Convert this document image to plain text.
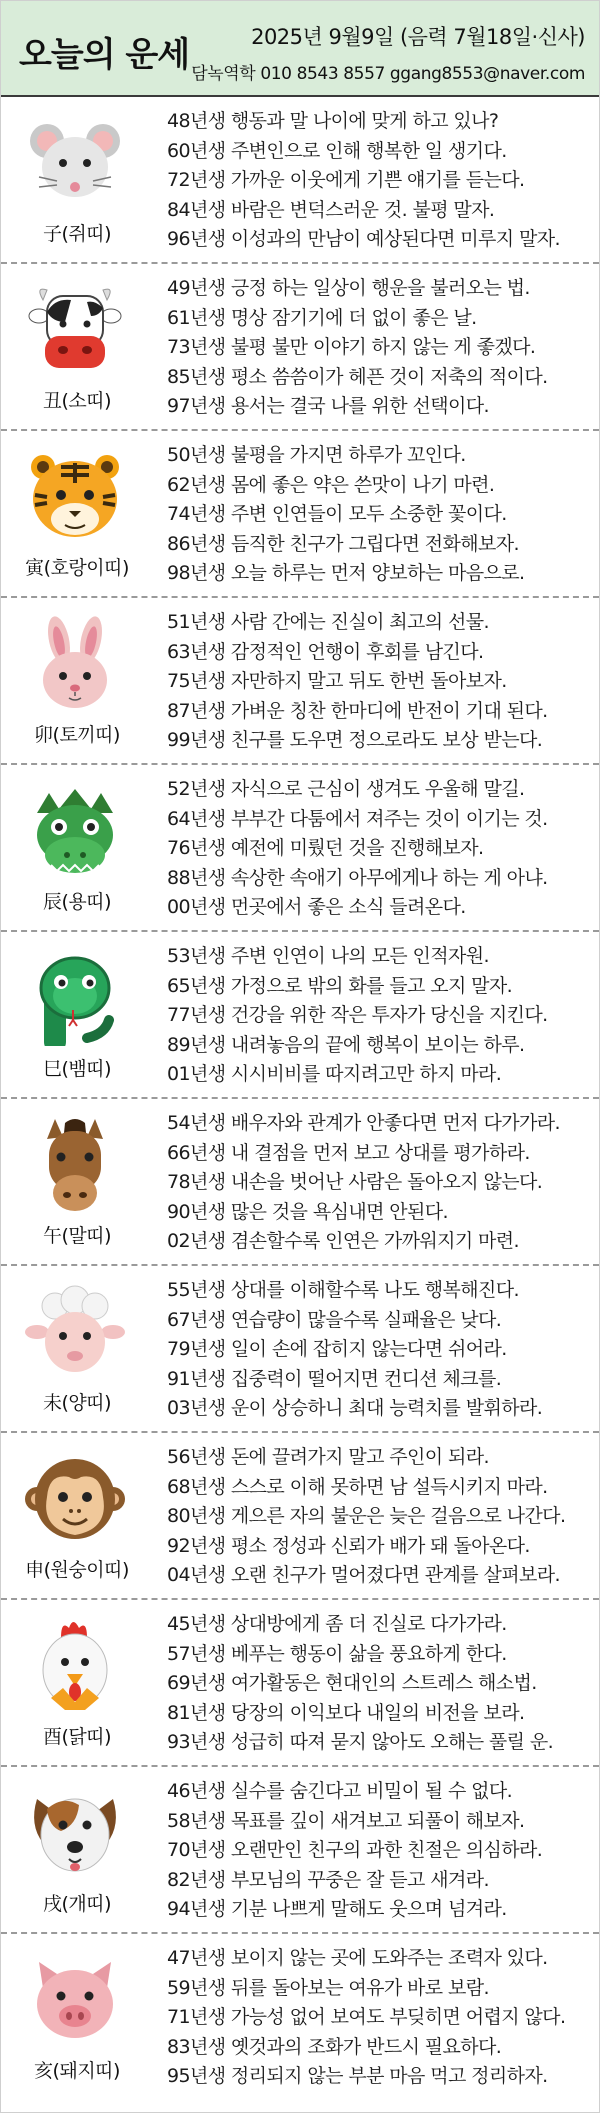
오늘의 운세	2025년 9월9일 (음력 7월18일·신사)
담녹역학 010 8543 8557 ggang8553@naver.com
子(쥐띠)
48년생 행동과 말 나이에 맞게 하고 있나?
60년생 주변인으로 인해 행복한 일 생기다.
72년생 가까운 이웃에게 기쁜 얘기를 듣는다.
84년생 바람은 변덕스러운 것. 불평 말자.
96년생 이성과의 만남이 예상된다면 미루지 말자.
丑(소띠)
49년생 긍정 하는 일상이 행운을 불러오는 법.
61년생 명상 잠기기에 더 없이 좋은 날.
73년생 불평 불만 이야기 하지 않는 게 좋겠다.
85년생 평소 씀씀이가 헤픈 것이 저축의 적이다.
97년생 용서는 결국 나를 위한 선택이다.
寅(호랑이띠)
50년생 불평을 가지면 하루가 꼬인다.
62년생 몸에 좋은 약은 쓴맛이 나기 마련.
74년생 주변 인연들이 모두 소중한 꽃이다.
86년생 듬직한 친구가 그립다면 전화해보자.
98년생 오늘 하루는 먼저 양보하는 마음으로.
卯(토끼띠)
51년생 사람 간에는 진실이 최고의 선물.
63년생 감정적인 언행이 후회를 남긴다.
75년생 자만하지 말고 뒤도 한번 돌아보자.
87년생 가벼운 칭찬 한마디에 반전이 기대 된다.
99년생 친구를 도우면 정으로라도 보상 받는다.
辰(용띠)
52년생 자식으로 근심이 생겨도 우울해 말길.
64년생 부부간 다툼에서 져주는 것이 이기는 것.
76년생 예전에 미뤘던 것을 진행해보자.
88년생 속상한 속애기 아무에게나 하는 게 아냐.
00년생 먼곳에서 좋은 소식 들려온다.
巳(뱀띠)
53년생 주변 인연이 나의 모든 인적자원.
65년생 가정으로 밖의 화를 들고 오지 말자.
77년생 건강을 위한 작은 투자가 당신을 지킨다.
89년생 내려놓음의 끝에 행복이 보이는 하루.
01년생 시시비비를 따지려고만 하지 마라.
午(말띠)
54년생 배우자와 관계가 안좋다면 먼저 다가가라.
66년생 내 결점을 먼저 보고 상대를 평가하라.
78년생 내손을 벗어난 사람은 돌아오지 않는다.
90년생 많은 것을 욕심내면 안된다.
02년생 겸손할수록 인연은 가까워지기 마련.
未(양띠)
55년생 상대를 이해할수록 나도 행복해진다.
67년생 연습량이 많을수록 실패율은 낮다.
79년생 일이 손에 잡히지 않는다면 쉬어라.
91년생 집중력이 떨어지면 컨디션 체크를.
03년생 운이 상승하니 최대 능력치를 발휘하라.
申(원숭이띠)
56년생 돈에 끌려가지 말고 주인이 되라.
68년생 스스로 이해 못하면 남 설득시키지 마라.
80년생 게으른 자의 불운은 늦은 걸음으로 나간다.
92년생 평소 정성과 신뢰가 배가 돼 돌아온다.
04년생 오랜 친구가 멀어졌다면 관계를 살펴보라.
酉(닭띠)
45년생 상대방에게 좀 더 진실로 다가가라.
57년생 베푸는 행동이 삶을 풍요하게 한다.
69년생 여가활동은 현대인의 스트레스 해소법.
81년생 당장의 이익보다 내일의 비전을 보라.
93년생 성급히 따져 묻지 않아도 오해는 풀릴 운.
戌(개띠)
46년생 실수를 숨긴다고 비밀이 될 수 없다.
58년생 목표를 깊이 새겨보고 되풀이 해보자.
70년생 오랜만인 친구의 과한 친절은 의심하라.
82년생 부모님의 꾸중은 잘 듣고 새겨라.
94년생 기분 나쁘게 말해도 웃으며 넘겨라.
亥(돼지띠)
47년생 보이지 않는 곳에 도와주는 조력자 있다.
59년생 뒤를 돌아보는 여유가 바로 보람.
71년생 가능성 없어 보여도 부딪히면 어렵지 않다.
83년생 옛것과의 조화가 반드시 필요하다.
95년생 정리되지 않는 부분 마음 먹고 정리하자.
